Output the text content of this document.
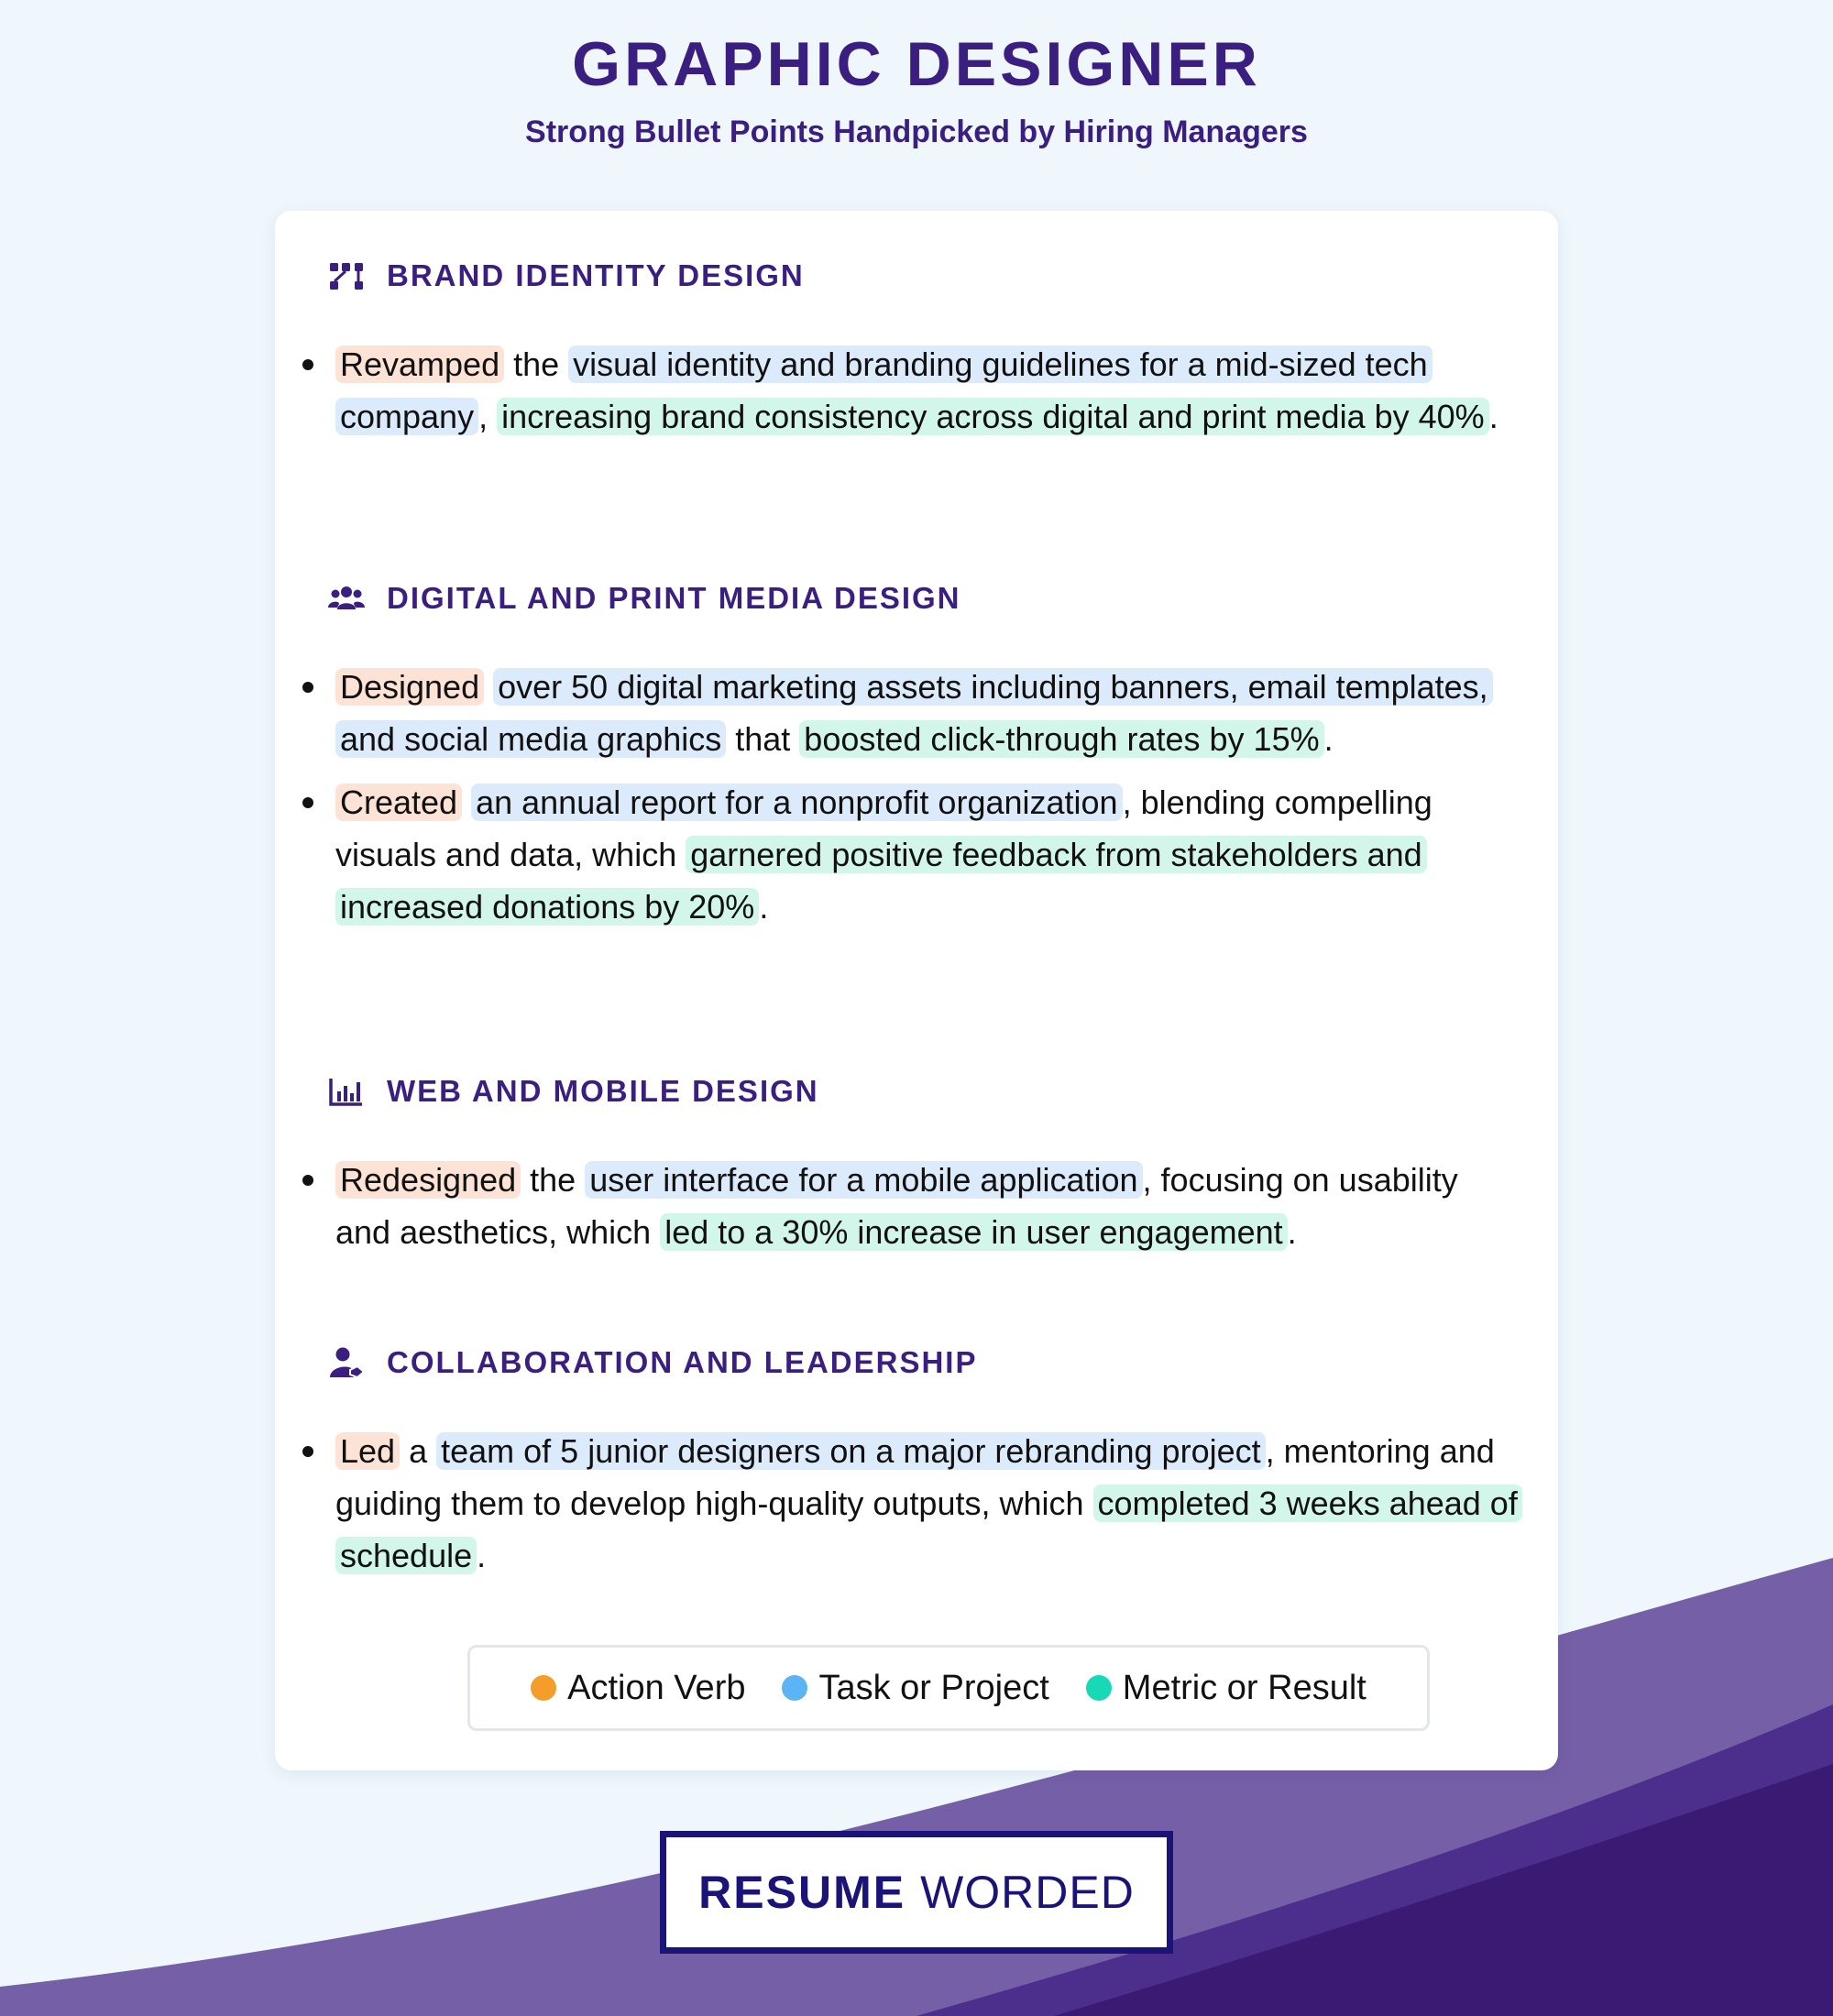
GRAPHIC DESIGNER

Strong Bullet Points Handpicked by Hiring Managers

BRAND IDENTITY DESIGN
Revamped the visual identity and branding guidelines for a mid-sized tech company , increasing brand consistency across digital and print media by 40% .
DIGITAL AND PRINT MEDIA DESIGN
Designed over 50 digital marketing assets including banners, email templates, and social media graphics that boosted click-through rates by 15% .
Created an annual report for a nonprofit organization , blending compelling visuals and data, which garnered positive feedback from stakeholders and increased donations by 20% .
WEB AND MOBILE DESIGN
Redesigned the user interface for a mobile application , focusing on usability and aesthetics, which led to a 30% increase in user engagement .
COLLABORATION AND LEADERSHIP
Led a team of 5 junior designers on a major rebranding project , mentoring and guiding them to develop high-quality outputs, which completed 3 weeks ahead of schedule .
Action Verb Task or Project Metric or Result
RESUME WORDED
